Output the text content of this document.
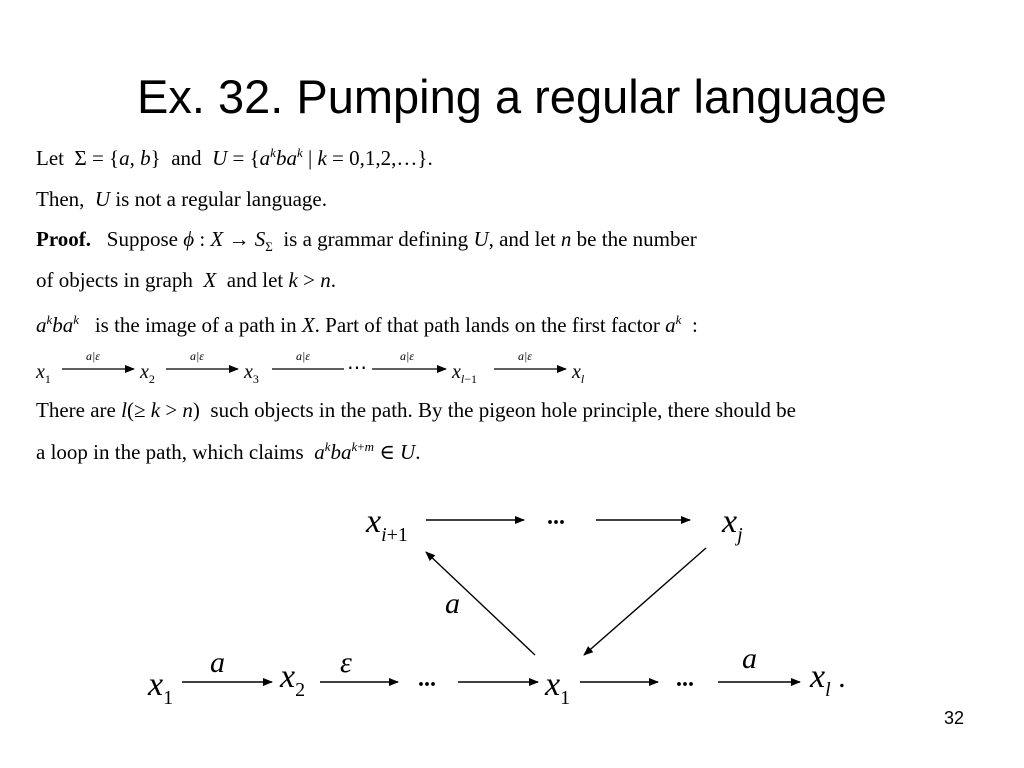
Ex. 32. Pumping a regular language
Let  Σ = {a, b}  and $U = \{a^kba^k$ | k = 0,1,2,…}.
Then, U is not a regular language.
Proof. Suppose ϕ : $X \to S_\Sigma$ is a grammar defining U, and let n be the number
of objects in graph X and let k > n.
$a^kba^k$ is the image of a path in X. Part of that path lands on the first factor $a^k$ :
There are l(≥ k > n)  such objects in the path. By the pigeon hole principle, there should be
a loop in the path, which claims $a^kba^{k+m}$ ∈ U.
$x_1$
a|ε
$x_2$
a|ε
$x_3$
a|ε
⋯
a|ε
$x_l-1$
a|ε
$x_l$
$x_i+1$
...	$x_j$
a
$x_1$
a $x_2$
ε	...	$x_1$
...
a $x_l$ .
32
